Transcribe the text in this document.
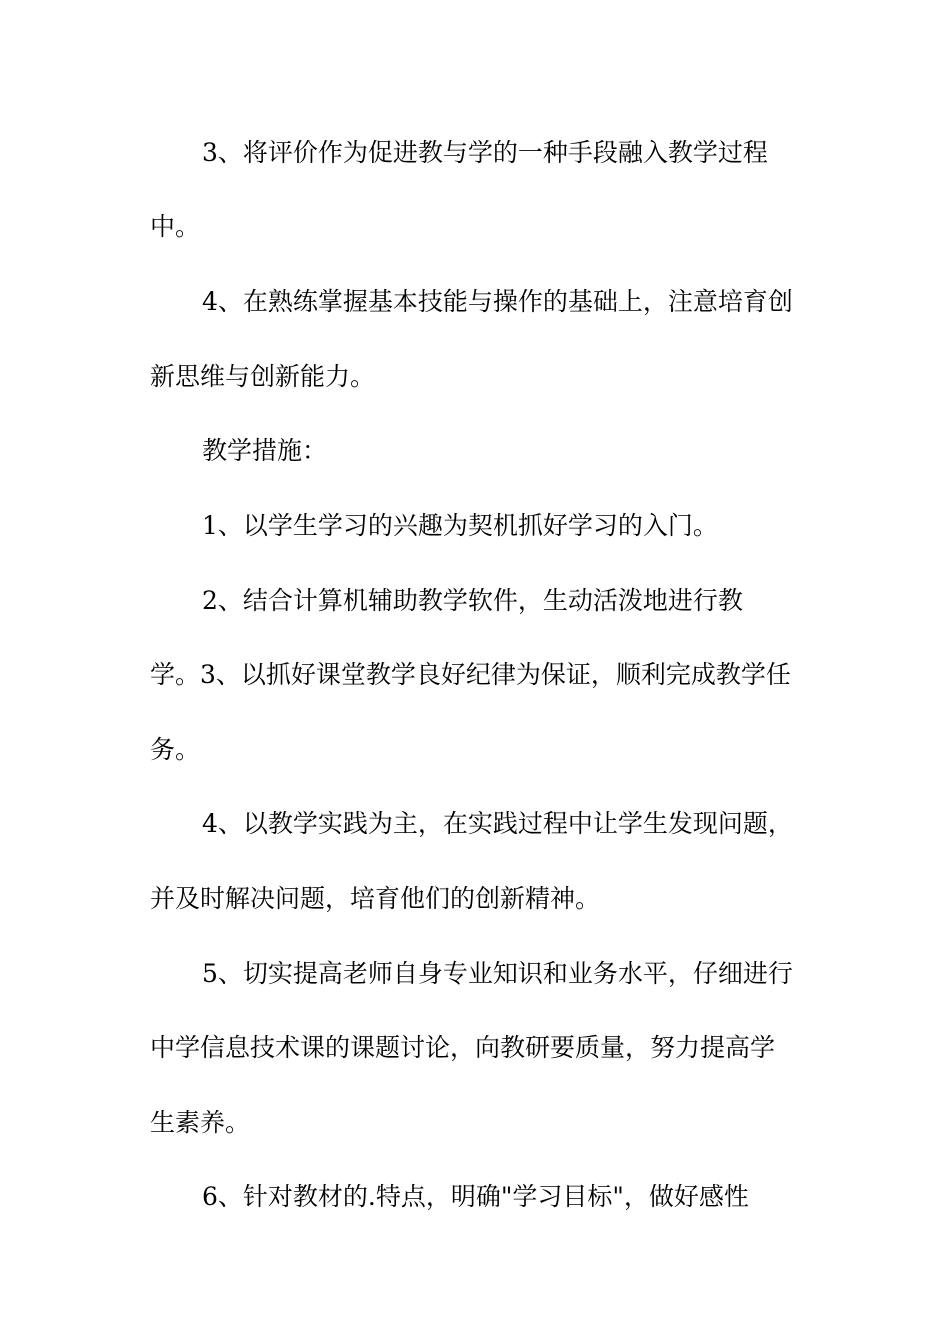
3、将评价作为促进教与学的一种手段融入教学过程
中。
4、在熟练掌握基本技能与操作的基础上，注意培育创
新思维与创新能力。
教学措施：
1、以学生学习的兴趣为契机抓好学习的入门。
2、结合计算机辅助教学软件，生动活泼地进行教
学。3、以抓好课堂教学良好纪律为保证，顺利完成教学任
务。
4、以教学实践为主，在实践过程中让学生发现问题，
并及时解决问题，培育他们的创新精神。
5、切实提高老师自身专业知识和业务水平，仔细进行
中学信息技术课的课题讨论，向教研要质量，努力提高学
生素养。
6、针对教材的.特点，明确"学习目标"，做好感性
